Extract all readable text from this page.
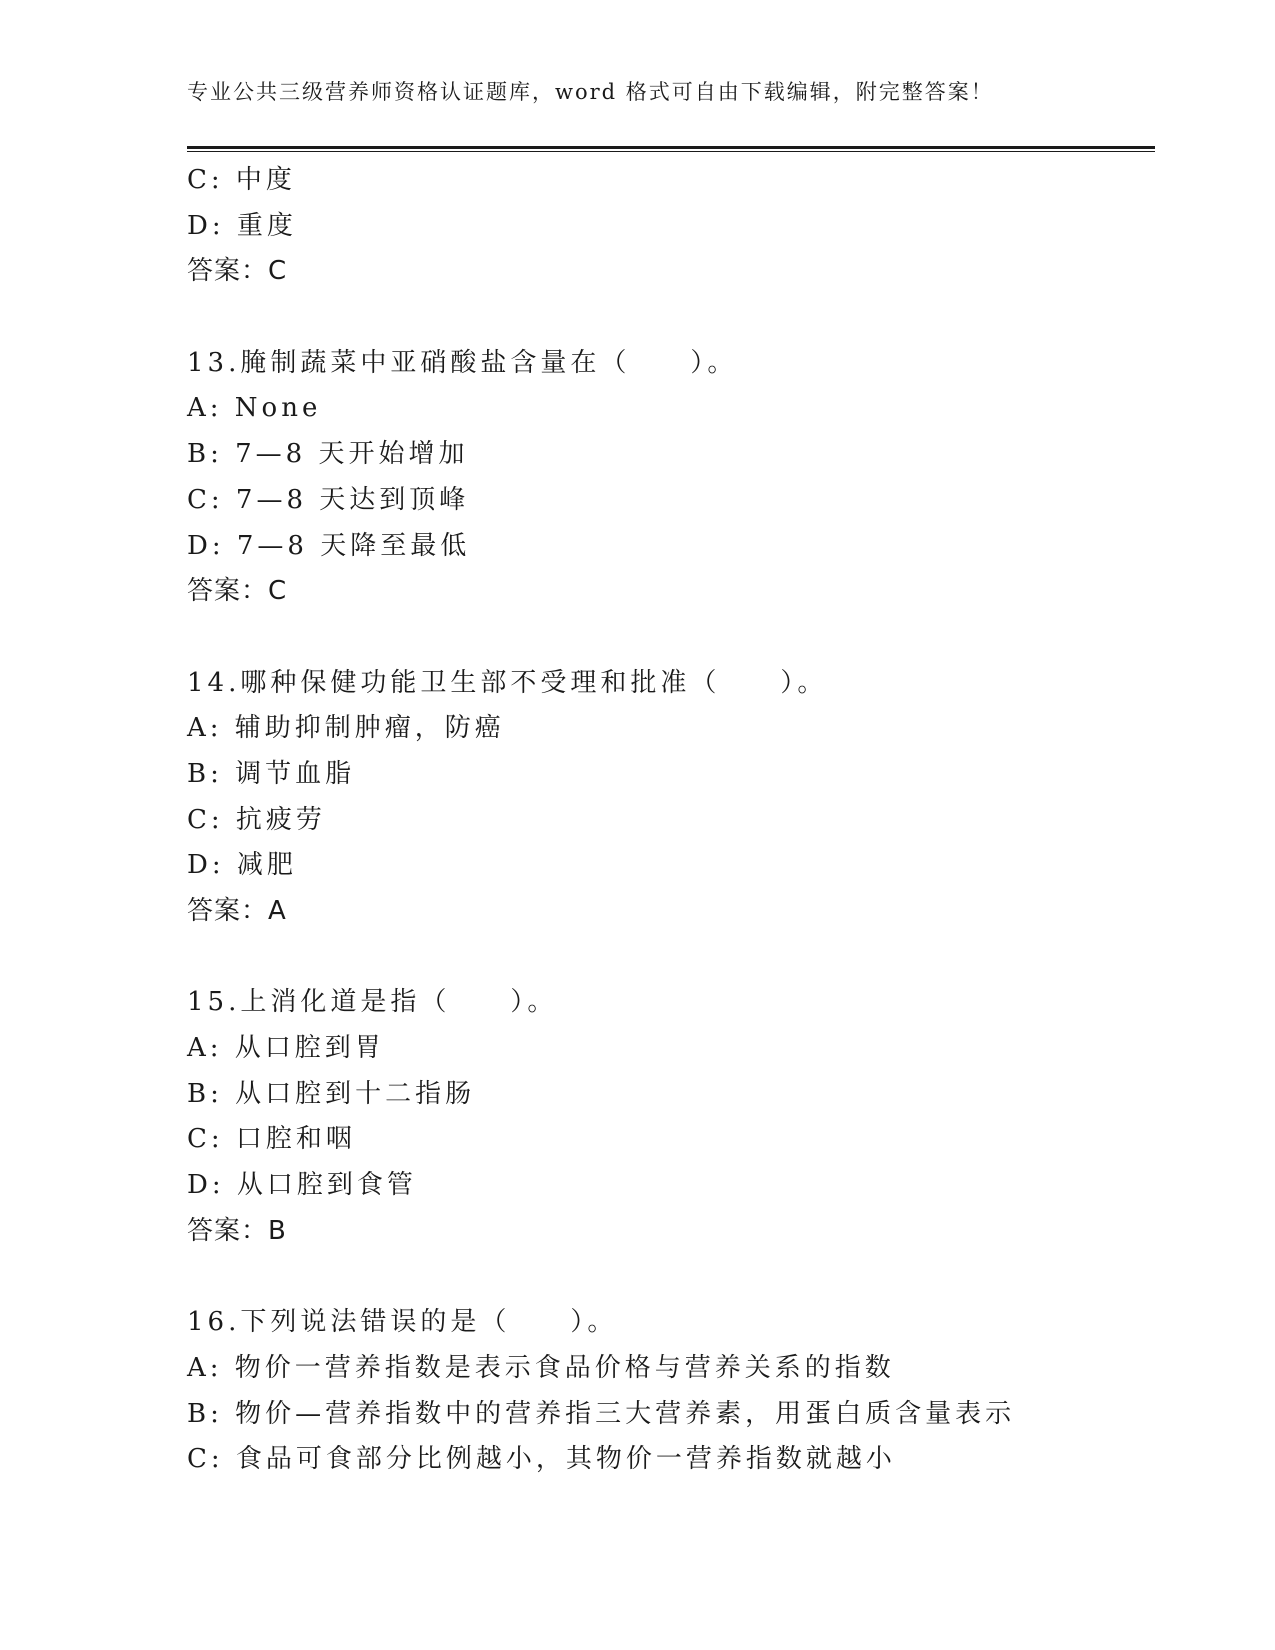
专业公共三级营养师资格认证题库，word 格式可自由下载编辑，附完整答案！
C: 中度
D: 重度
答案：C
13.腌制蔬菜中亚硝酸盐含量在（　　）。
A: None
B: 7—8 天开始增加
C: 7—8 天达到顶峰
D: 7—8 天降至最低
答案：C
14.哪种保健功能卫生部不受理和批准（　　）。
A: 辅助抑制肿瘤，防癌
B: 调节血脂
C: 抗疲劳
D: 减肥
答案：A
15.上消化道是指（　　）。
A: 从口腔到胃
B: 从口腔到十二指肠
C: 口腔和咽
D: 从口腔到食管
答案：B
16.下列说法错误的是（　　）。
A: 物价一营养指数是表示食品价格与营养关系的指数
B: 物价—营养指数中的营养指三大营养素，用蛋白质含量表示
C: 食品可食部分比例越小，其物价一营养指数就越小
